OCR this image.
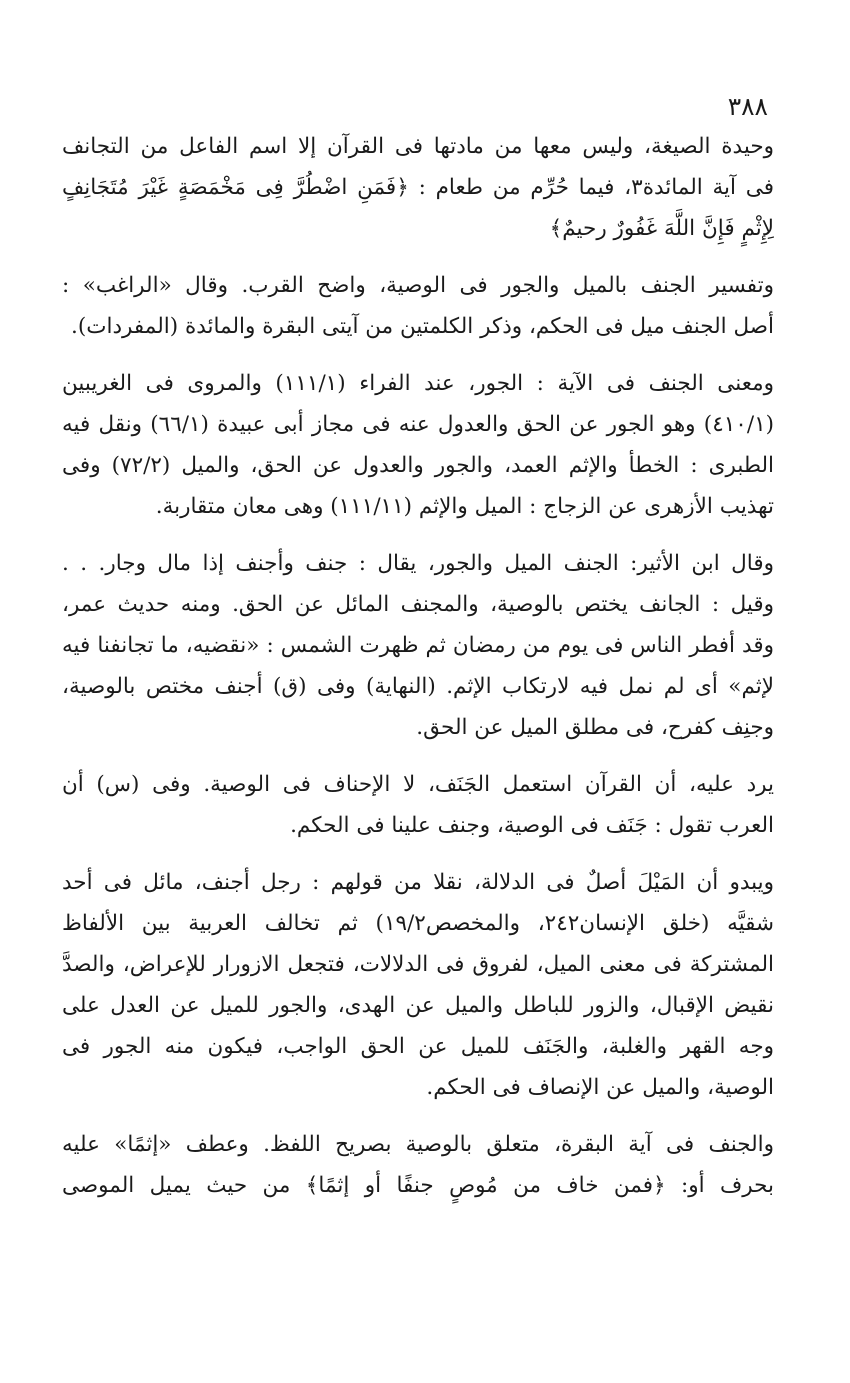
٣٨٨
وحيدة الصيغة، وليس معها من مادتها فى القرآن إلا اسم الفاعل من التجانف
فى آية المائدة٣، فيما حُرِّم من طعام : ﴿فَمَنِ اضْطُرَّ فِى مَخْمَصَةٍ غَيْرَ مُتَجَانِفٍ
لِإِثْمٍ فَإِنَّ اللَّهَ غَفُورٌ رحيمٌ﴾
وتفسير الجنف بالميل والجور فى الوصية، واضح القرب. وقال «الراغب» :
أصل الجنف ميل فى الحكم، وذكر الكلمتين من آيتى البقرة والمائدة (المفردات).
ومعنى الجنف فى الآية : الجور، عند الفراء (١١١/١) والمروى فى الغريبين
(٤١٠/١) وهو الجور عن الحق والعدول عنه فى مجاز أبى عبيدة (٦٦/١) ونقل فيه
الطبرى : الخطأ والإثم العمد، والجور والعدول عن الحق، والميل (٧٢/٢) وفى
تهذيب الأزهرى عن الزجاج : الميل والإثم (١١١/١١) وهى معان متقاربة.
وقال ابن الأثير: الجنف الميل والجور، يقال : جنف وأجنف إذا مال وجار. . .
وقيل : الجانف يختص بالوصية، والمجنف المائل عن الحق. ومنه حديث عمر،
وقد أفطر الناس فى يوم من رمضان ثم ظهرت الشمس : «نقضيه، ما تجانفنا فيه
لإثم» أى لم نمل فيه لارتكاب الإثم. (النهاية) وفى (ق) أجنف مختص بالوصية،
وجنِف كفرح، فى مطلق الميل عن الحق.
يرد عليه، أن القرآن استعمل الجَنَف، لا الإحناف فى الوصية. وفى (س) أن
العرب تقول : جَنَف فى الوصية، وجنف علينا فى الحكم.
ويبدو أن المَيْلَ أصلٌ فى الدلالة، نقلا من قولهم : رجل أجنف، مائل فى أحد
شقيَّه (خلق الإنسان٢٤٢، والمخصص١٩/٢) ثم تخالف العربية بين الألفاظ
المشتركة فى معنى الميل، لفروق فى الدلالات، فتجعل الازورار للإعراض، والصدَّ
نقيض الإقبال، والزور للباطل والميل عن الهدى، والجور للميل عن العدل على
وجه القهر والغلبة، والجَنَف للميل عن الحق الواجب، فيكون منه الجور فى
الوصية، والميل عن الإنصاف فى الحكم.
والجنف فى آية البقرة، متعلق بالوصية بصريح اللفظ. وعطف «إثمًا» عليه
بحرف أو: ﴿فمن خاف من مُوصٍ جنفًا أو إثمًا﴾ من حيث يميل الموصى
